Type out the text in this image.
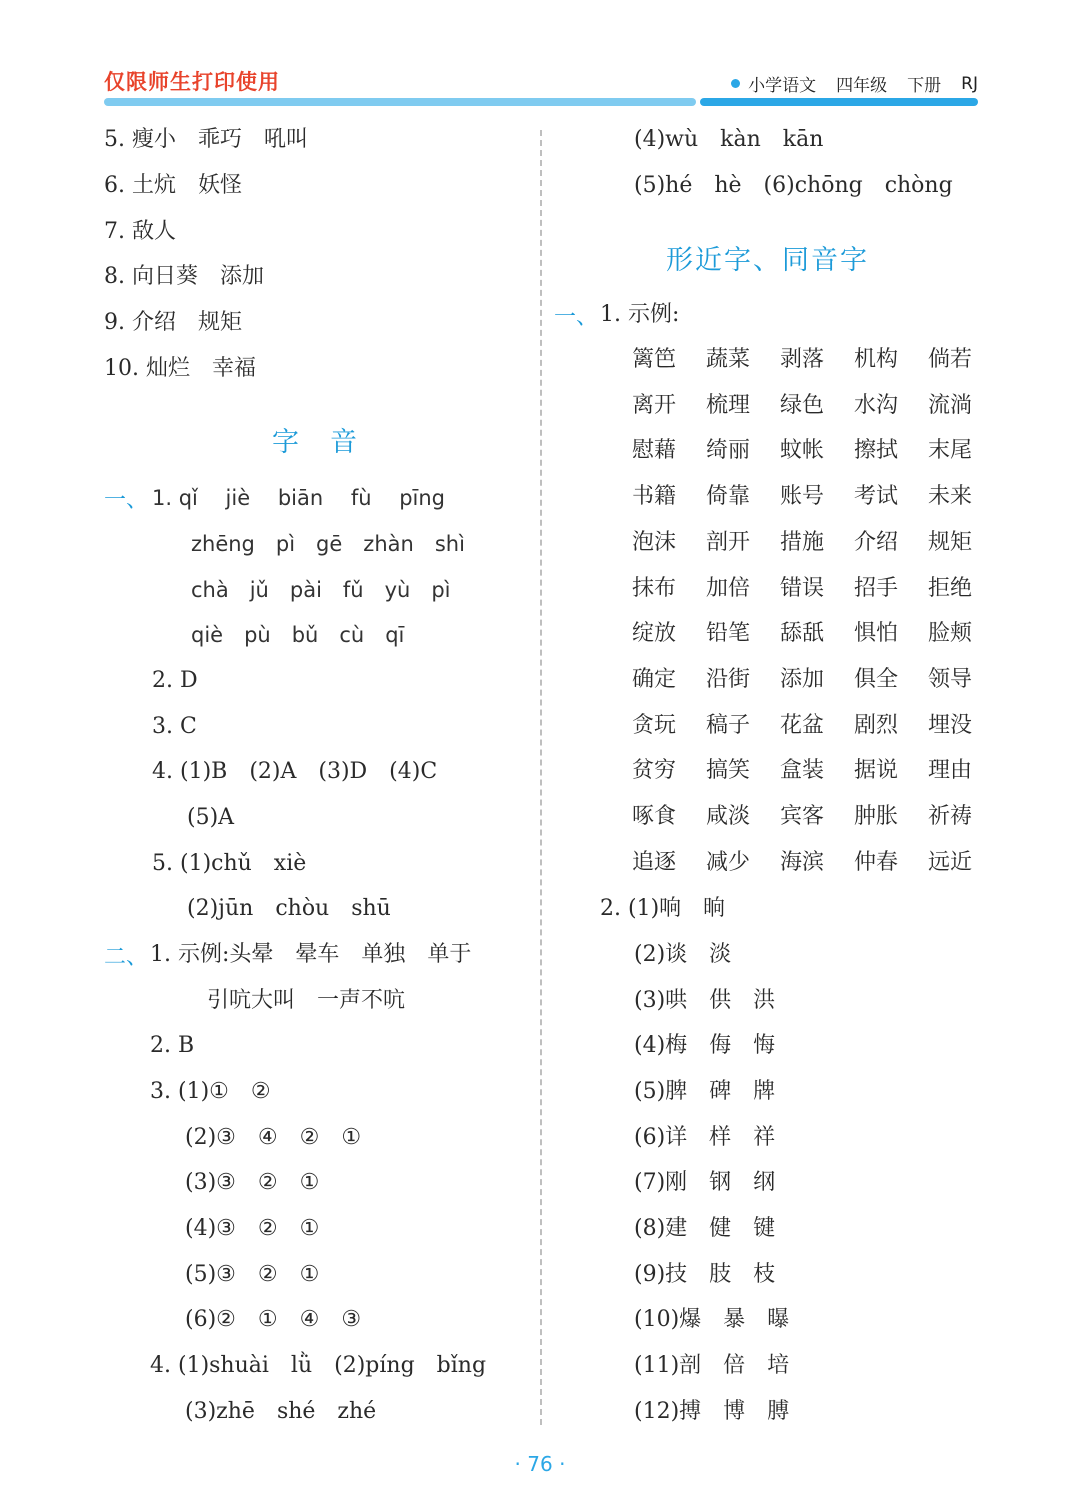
仅限师生打印使用	小学语文 四年级 下册 RJ
5. 瘦小　乖巧　吼叫
6. 土炕　妖怪
7. 敌人
8. 向日葵　添加
9. 介绍　规矩
10. 灿烂　幸福
字　音
一、 1. qǐ　 jiè　 biān　 fù　 pīng
zhēng　pì　gē　zhàn　shì
chà　jǔ　pài　fǔ　yù　pì
qiè　pù　bǔ　cù　qī
2. D
3. C
4. (1)B　(2)A　(3)D　(4)C
(5)A
5. (1)chǔ　xiè
(2)jūn　chòu　shū
二、 1. 示例:头晕　晕车　单独　单于
引吭大叫　一声不吭
2. B
3. (1)①　②
(2)③　④　②　①
(3)③　②　①
(4)③　②　①
(5)③　②　①
(6)②　①　④　③
4. (1)shuài　lǜ　(2)píng　bǐng
(3)zhē　shé　zhé
(4)wù　kàn　kān
(5)hé　hè　(6)chōng　chòng
形近字、同音字
一、 1. 示例:
篱笆 蔬菜 剥落 机构 倘若
离开 梳理 绿色 水沟 流淌
慰藉 绮丽 蚊帐 擦拭 末尾
书籍 倚靠 账号 考试 未来
泡沫 剖开 措施 介绍 规矩
抹布 加倍 错误 招手 拒绝
绽放 铅笔 舔舐 惧怕 脸颊
确定 沿街 添加 俱全 领导
贪玩 稿子 花盆 剧烈 埋没
贫穷 搞笑 盒装 据说 理由
啄食 咸淡 宾客 肿胀 祈祷
追逐 减少 海滨 仲春 远近
2. (1)响　晌
(2)谈　淡
(3)哄　供　洪
(4)梅　侮　悔
(5)脾　碑　牌
(6)详　样　祥
(7)刚　钢　纲
(8)建　健　键
(9)技　肢　枝
(10)爆　暴　曝
(11)剖　倍　培
(12)搏　博　膊
· 76 ·
